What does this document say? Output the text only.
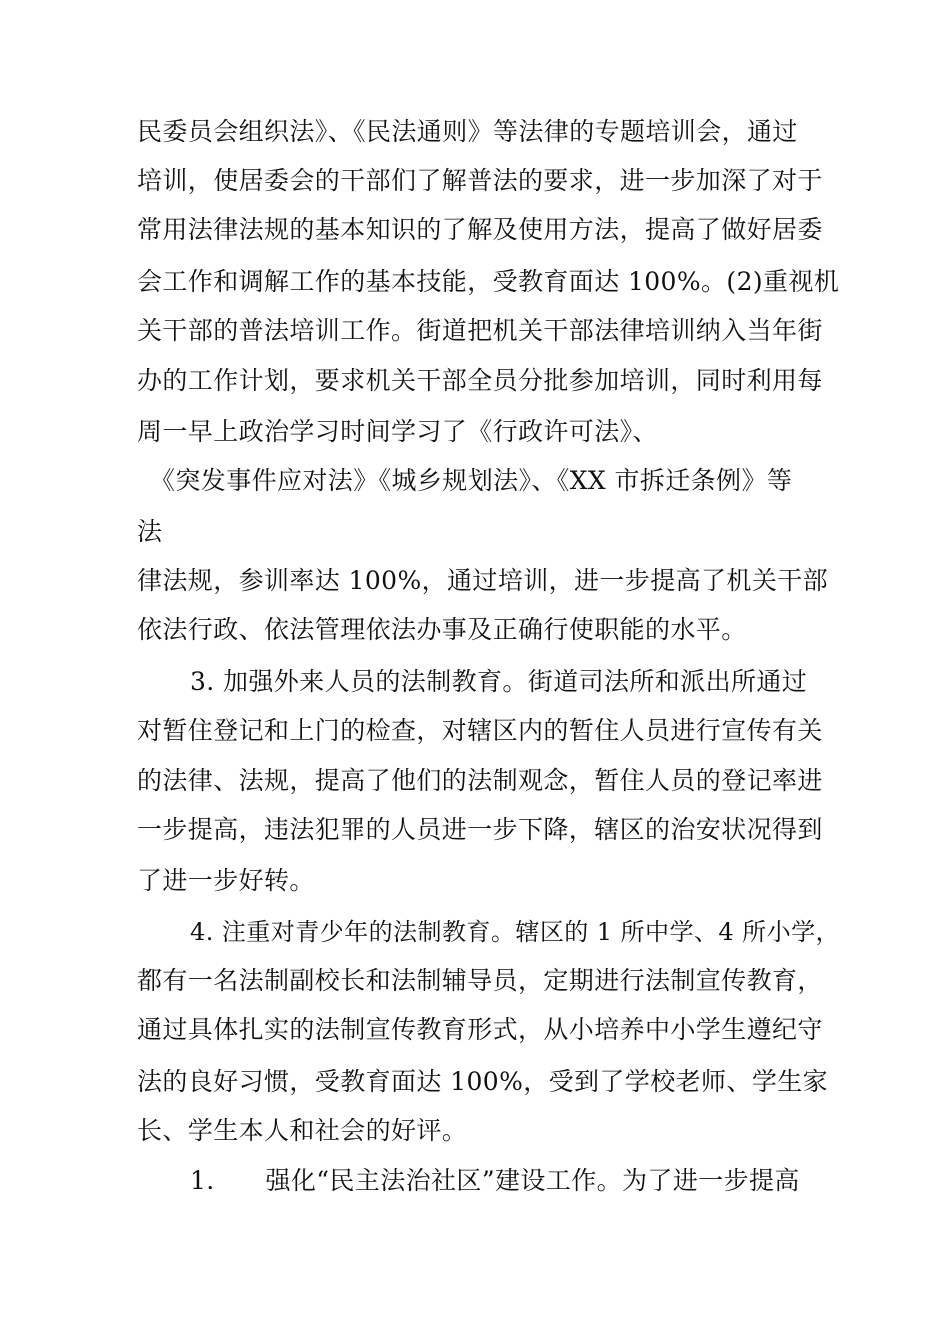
民委员会组织法》、《民法通则》等法律的专题培训会，通过
培训，使居委会的干部们了解普法的要求，进一步加深了对于
常用法律法规的基本知识的了解及使用方法，提高了做好居委
会工作和调解工作的基本技能，受教育面达 100%。(2)重视机
关干部的普法培训工作。街道把机关干部法律培训纳入当年街
办的工作计划，要求机关干部全员分批参加培训，同时利用每
周一早上政治学习时间学习了《行政许可法》、
《突发事件应对法》《城乡规划法》、《XX 市拆迁条例》等
法
律法规，参训率达 100%，通过培训，进一步提高了机关干部
依法行政、依法管理依法办事及正确行使职能的水平。
3. 加强外来人员的法制教育。街道司法所和派出所通过
对暂住登记和上门的检查，对辖区内的暂住人员进行宣传有关
的法律、法规，提高了他们的法制观念，暂住人员的登记率进
一步提高，违法犯罪的人员进一步下降，辖区的治安状况得到
了进一步好转。
4. 注重对青少年的法制教育。辖区的 1 所中学、4 所小学，
都有一名法制副校长和法制辅导员，定期进行法制宣传教育，
通过具体扎实的法制宣传教育形式，从小培养中小学生遵纪守
法的良好习惯，受教育面达 100%，受到了学校老师、学生家
长、学生本人和社会的好评。
1.　　强化“民主法治社区”建设工作。为了进一步提高
